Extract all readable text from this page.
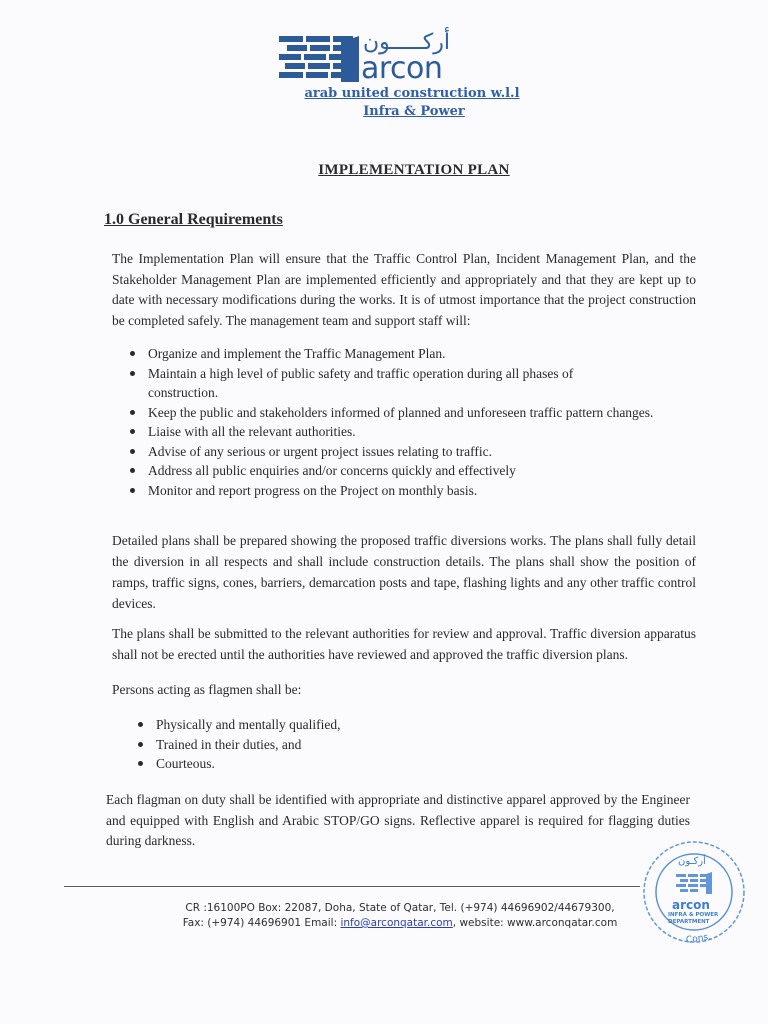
أركـــــون
arcon
arab united construction w.l.l
Infra & Power
IMPLEMENTATION PLAN
1.0 General Requirements
The Implementation Plan will ensure that the Traffic Control Plan, Incident Management Plan, and the Stakeholder Management Plan are implemented efficiently and appropriately and that they are kept up to date with necessary modifications during the works. It is of utmost importance that the project construction be completed safely. The management team and support staff will:
Organize and implement the Traffic Management Plan.
Maintain a high level of public safety and traffic operation during all phases of construction.
Keep the public and stakeholders informed of planned and unforeseen traffic pattern changes.
Liaise with all the relevant authorities.
Advise of any serious or urgent project issues relating to traffic.
Address all public enquiries and/or concerns quickly and effectively
Monitor and report progress on the Project on monthly basis.
Detailed plans shall be prepared showing the proposed traffic diversions works. The plans shall fully detail the diversion in all respects and shall include construction details. The plans shall show the position of ramps, traffic signs, cones, barriers, demarcation posts and tape, flashing lights and any other traffic control devices.
The plans shall be submitted to the relevant authorities for review and approval. Traffic diversion apparatus shall not be erected until the authorities have reviewed and approved the traffic diversion plans.
Persons acting as flagmen shall be:
Physically and mentally qualified,
Trained in their duties, and
Courteous.
Each flagman on duty shall be identified with appropriate and distinctive apparel approved by the Engineer and equipped with English and Arabic STOP/GO signs. Reflective apparel is required for flagging duties during darkness.
CR :16100PO Box: 22087, Doha, State of Qatar, Tel. (+974) 44696902/44679300,
Fax: (+974) 44696901 Email: info@arconqatar.com, website: www.arconqatar.com
أركـون
arcon
INFRA & POWER
DEPARTMENT
Cons.
